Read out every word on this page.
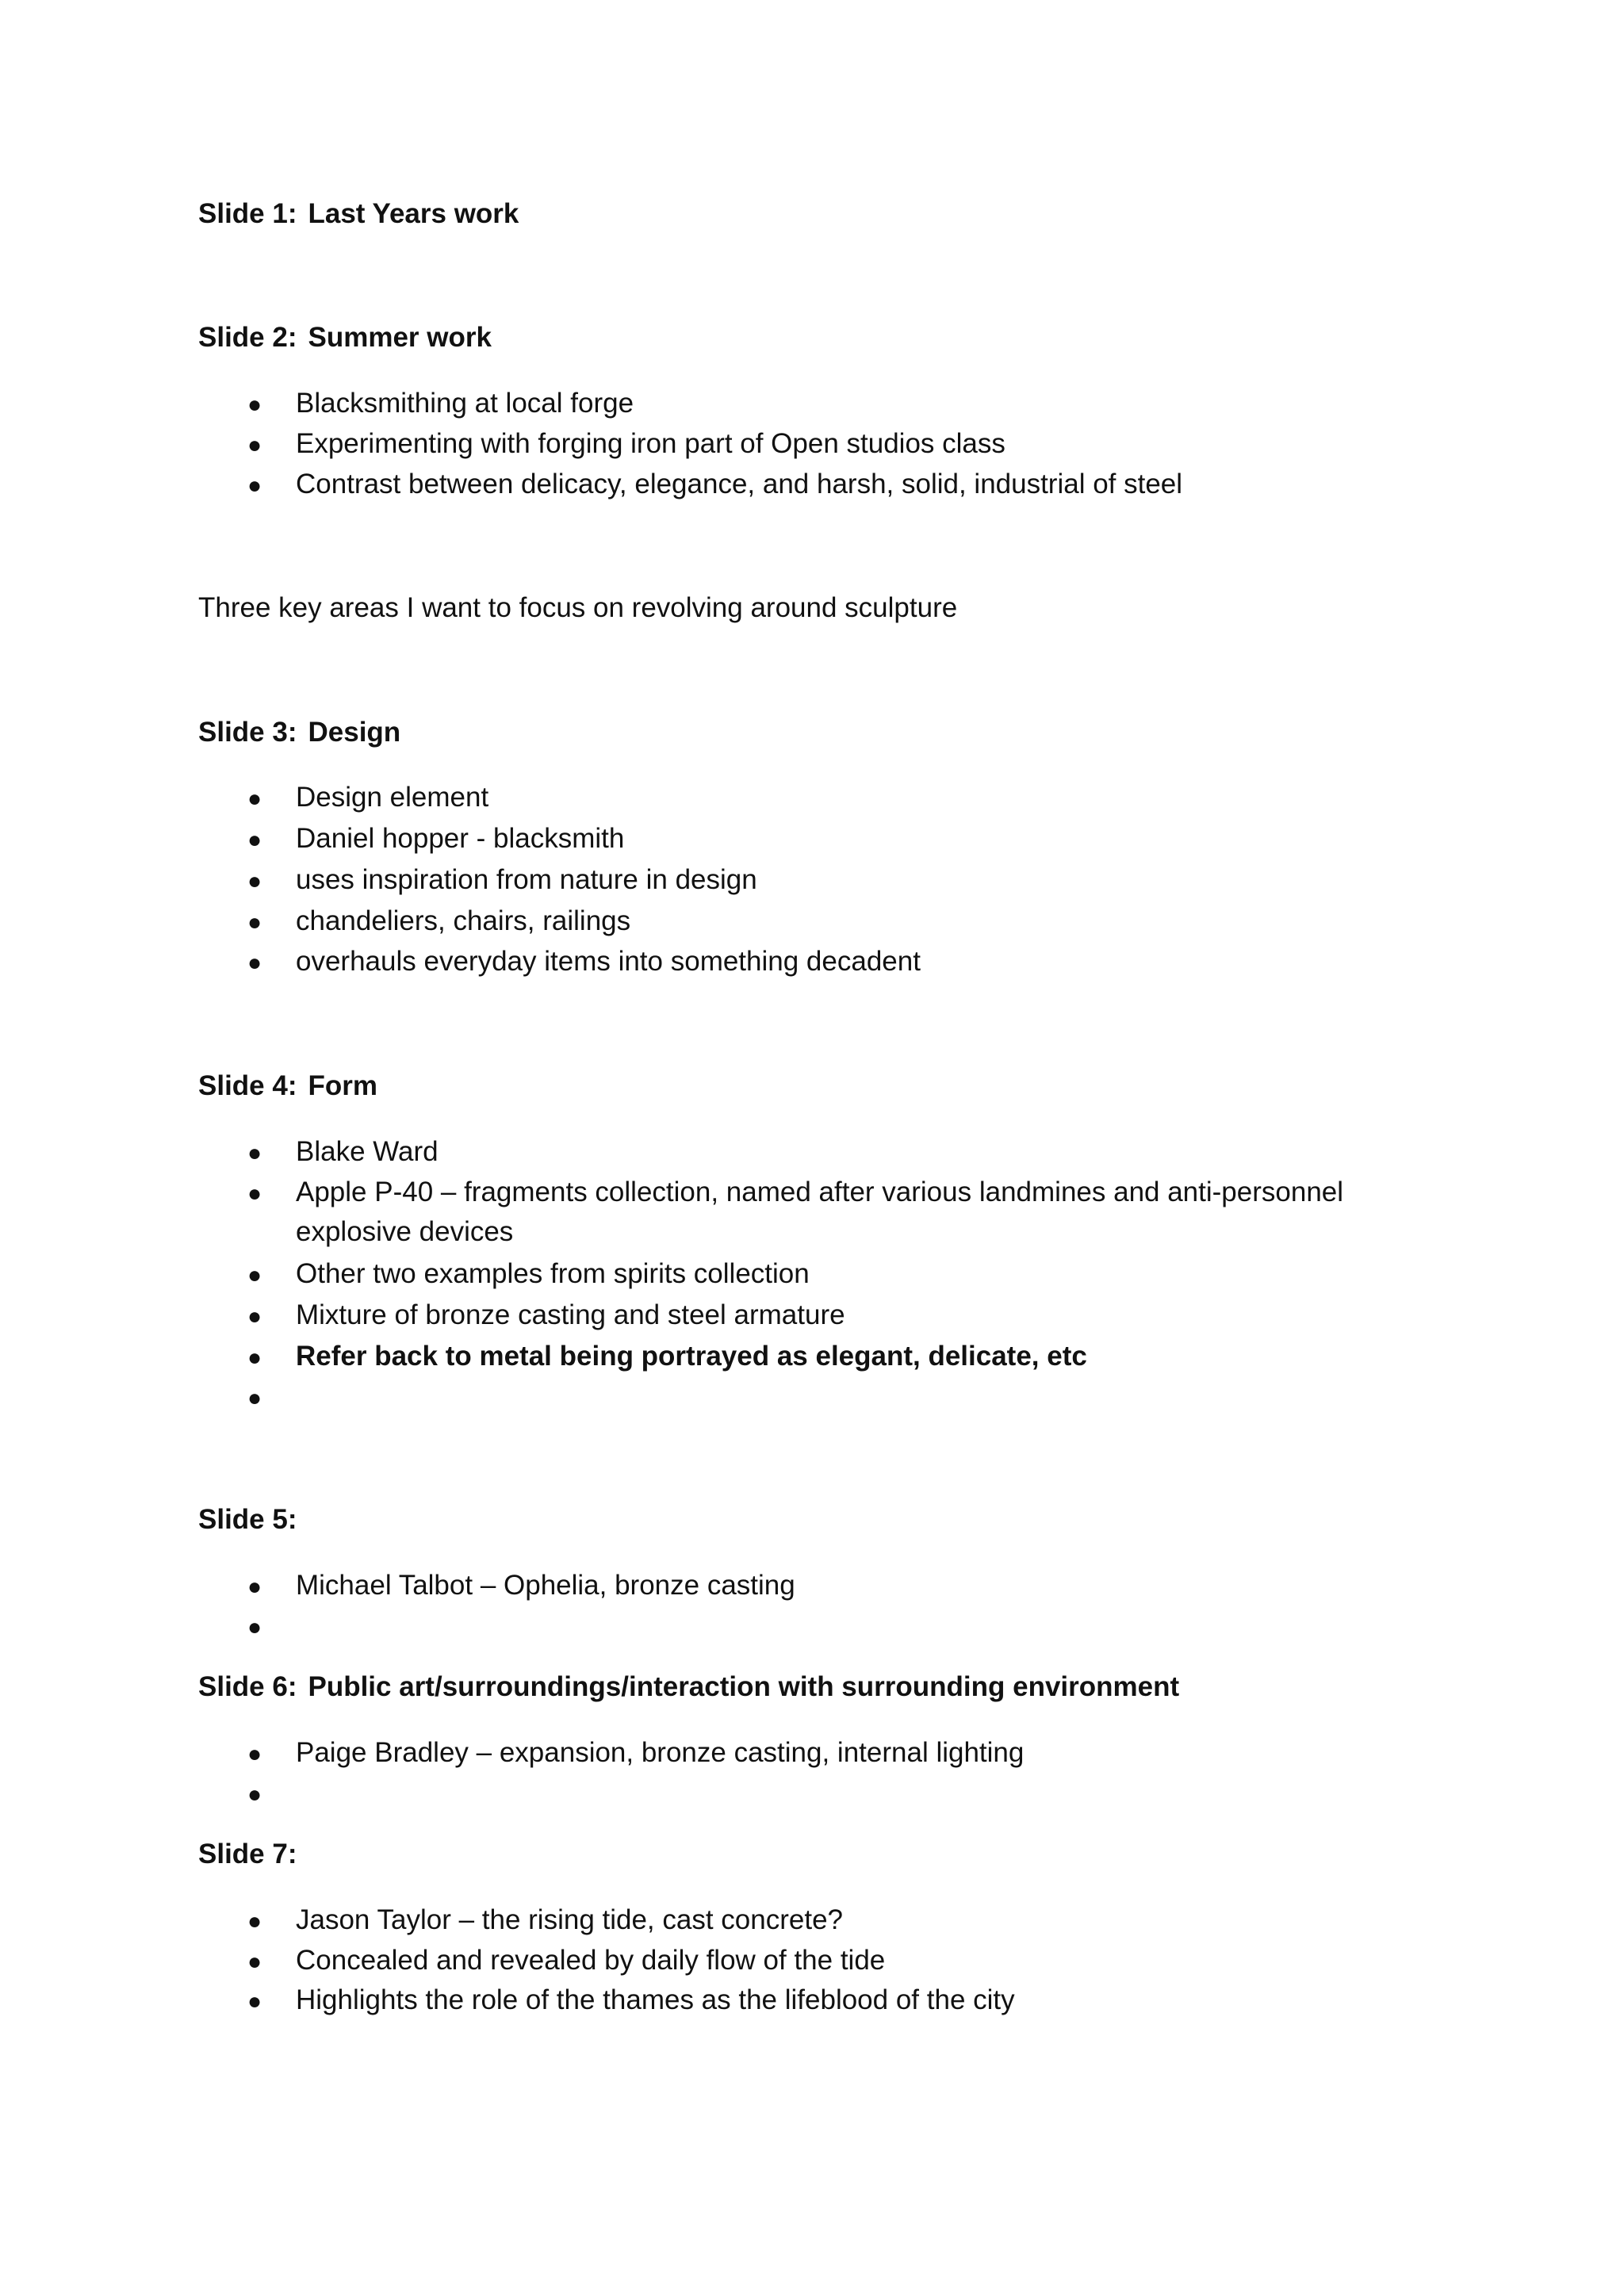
Slide 1: Last Years work
Slide 2: Summer work
● Blacksmithing at local forge
● Experimenting with forging iron part of Open studios class
● Contrast between delicacy, elegance, and harsh, solid, industrial of steel
Three key areas I want to focus on revolving around sculpture
Slide 3: Design
● Design element
● Daniel hopper - blacksmith
● uses inspiration from nature in design
● chandeliers, chairs, railings
● overhauls everyday items into something decadent
Slide 4: Form
● Blake Ward
● Apple P-40 – fragments collection, named after various landmines and anti-personnel
explosive devices
● Other two examples from spirits collection
● Mixture of bronze casting and steel armature
● Refer back to metal being portrayed as elegant, delicate, etc
●
Slide 5:
● Michael Talbot – Ophelia, bronze casting
●
Slide 6: Public art/surroundings/interaction with surrounding environment
● Paige Bradley – expansion, bronze casting, internal lighting
●
Slide 7:
● Jason Taylor – the rising tide, cast concrete?
● Concealed and revealed by daily flow of the tide
● Highlights the role of the thames as the lifeblood of the city
